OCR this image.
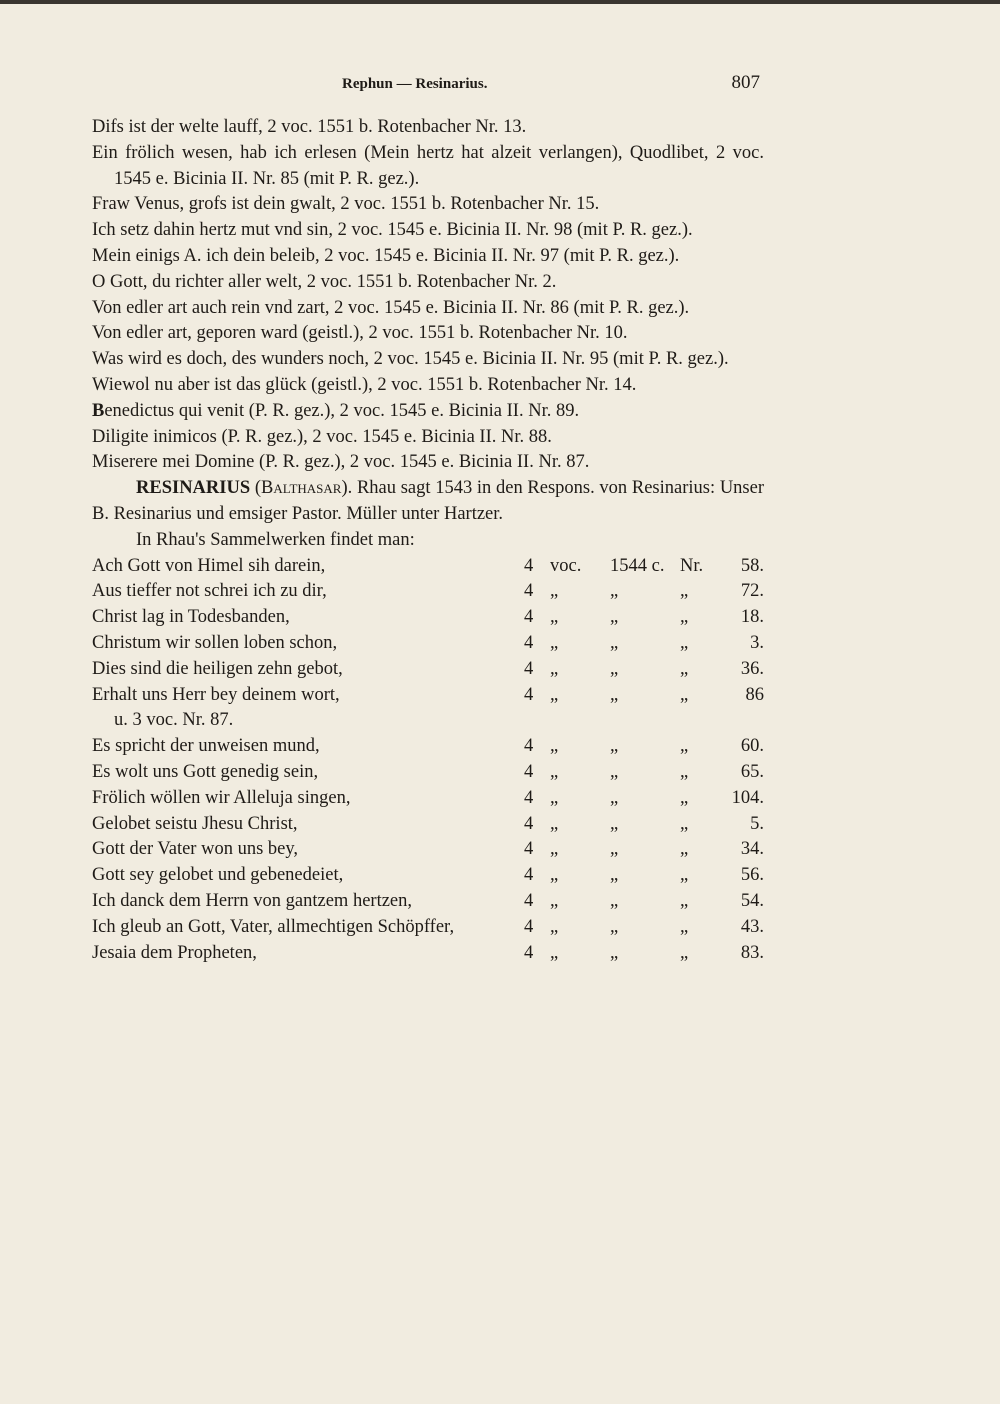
Rephun — Resinarius.	807
Difs ist der welte lauff, 2 voc. 1551 b. Rotenbacher Nr. 13.
Ein frölich wesen, hab ich erlesen (Mein hertz hat alzeit verlangen), Quodlibet, 2 voc. 1545 e. Bicinia II. Nr. 85 (mit P. R. gez.).
Fraw Venus, grofs ist dein gwalt, 2 voc. 1551 b. Rotenbacher Nr. 15.
Ich setz dahin hertz mut vnd sin, 2 voc. 1545 e. Bicinia II. Nr. 98 (mit P. R. gez.).
Mein einigs A. ich dein beleib, 2 voc. 1545 e. Bicinia II. Nr. 97 (mit P. R. gez.).
O Gott, du richter aller welt, 2 voc. 1551 b. Rotenbacher Nr. 2.
Von edler art auch rein vnd zart, 2 voc. 1545 e. Bicinia II. Nr. 86 (mit P. R. gez.).
Von edler art, geporen ward (geistl.), 2 voc. 1551 b. Rotenbacher Nr. 10.
Was wird es doch, des wunders noch, 2 voc. 1545 e. Bicinia II. Nr. 95 (mit P. R. gez.).
Wiewol nu aber ist das glück (geistl.), 2 voc. 1551 b. Rotenbacher Nr. 14.
Benedictus qui venit (P. R. gez.), 2 voc. 1545 e. Bicinia II. Nr. 89.
Diligite inimicos (P. R. gez.), 2 voc. 1545 e. Bicinia II. Nr. 88.
Miserere mei Domine (P. R. gez.), 2 voc. 1545 e. Bicinia II. Nr. 87.
RESINARIUS (Balthasar). Rhau sagt 1543 in den Respons. von Resinarius: Unser B. Resinarius und emsiger Pastor. Müller unter Hartzer.
In Rhau's Sammelwerken findet man:
Ach Gott von Himel sih darein,	4	voc.	1544 c.	Nr.	58.
Aus tieffer not schrei ich zu dir,	4	„	„	„	72.
Christ lag in Todesbanden,	4	„	„	„	18.
Christum wir sollen loben schon,	4	„	„	„	3.
Dies sind die heiligen zehn gebot,	4	„	„	„	36.
Erhalt uns Herr bey deinem wort,	4	„	„	„	86
u. 3 voc. Nr. 87.					
Es spricht der unweisen mund,	4	„	„	„	60.
Es wolt uns Gott genedig sein,	4	„	„	„	65.
Frölich wöllen wir Alleluja singen,	4	„	„	„	104.
Gelobet seistu Jhesu Christ,	4	„	„	„	5.
Gott der Vater won uns bey,	4	„	„	„	34.
Gott sey gelobet und gebenedeiet,	4	„	„	„	56.
Ich danck dem Herrn von gantzem hertzen,	4	„	„	„	54.
Ich gleub an Gott, Vater, allmechtigen Schöpffer,	4	„	„	„	43.
Jesaia dem Propheten,	4	„	„	„	83.
